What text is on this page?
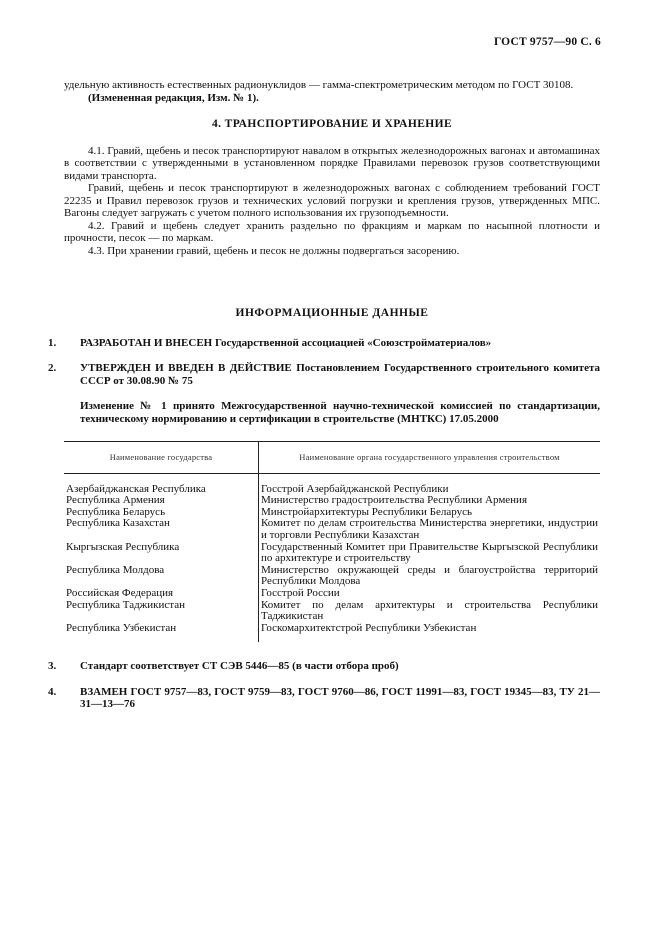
ГОСТ 9757—90 С. 6

удельную активность естественных радионуклидов — гамма-спектрометрическим методом по ГОСТ 30108.

(Измененная редакция, Изм. № 1).

4. ТРАНСПОРТИРОВАНИЕ И ХРАНЕНИЕ

4.1. Гравий, щебень и песок транспортируют навалом в открытых железнодорожных вагонах и автомашинах в соответствии с утвержденными в установленном порядке Правилами перевозок грузов соответствующими видами транспорта.

Гравий, щебень и песок транспортируют в железнодорожных вагонах с соблюдением требований ГОСТ 22235 и Правил перевозок грузов и технических условий погрузки и крепления грузов, утвержденных МПС. Вагоны следует загружать с учетом полного использования их грузоподъемности.

4.2. Гравий и щебень следует хранить раздельно по фракциям и маркам по насыпной плотности и прочности, песок — по маркам.

4.3. При хранении гравий, щебень и песок не должны подвергаться засорению.

ИНФОРМАЦИОННЫЕ ДАННЫЕ
1. РАЗРАБОТАН И ВНЕСЕН Государственной ассоциацией «Союзстройматериалов»
2. УТВЕРЖДЕН И ВВЕДЕН В ДЕЙСТВИЕ Постановлением Государственного строительного комитета СССР от 30.08.90 № 75
Изменение № 1 принято Межгосударственной научно-технической комиссией по стандартизации, техническому нормированию и сертификации в строительстве (МНТКС) 17.05.2000
Наименование государства	Наименование органа государственного управления строительством
Азербайджанская Республика	Госстрой Азербайджанской Республики
Республика Армения	Министерство градостроительства Республики Армения
Республика Беларусь	Минстройархитектуры Республики Беларусь
Республика Казахстан	Комитет по делам строительства Министерства энергетики, индустрии и торговли Республики Казахстан
Кыргызская Республика	Государственный Комитет при Правительстве Кыргызской Республики по архитектуре и строительству
Республика Молдова	Министерство окружающей среды и благоустройства территорий Республики Молдова
Российская Федерация	Госстрой России
Республика Таджикистан	Комитет по делам архитектуры и строительства Республики Таджикистан
Республика Узбекистан	Госкомархитектстрой Республики Узбекистан
3. Стандарт соответствует СТ СЭВ 5446—85 (в части отбора проб)
4. ВЗАМЕН ГОСТ 9757—83, ГОСТ 9759—83, ГОСТ 9760—86, ГОСТ 11991—83, ГОСТ 19345—83, ТУ 21—31—13—76
